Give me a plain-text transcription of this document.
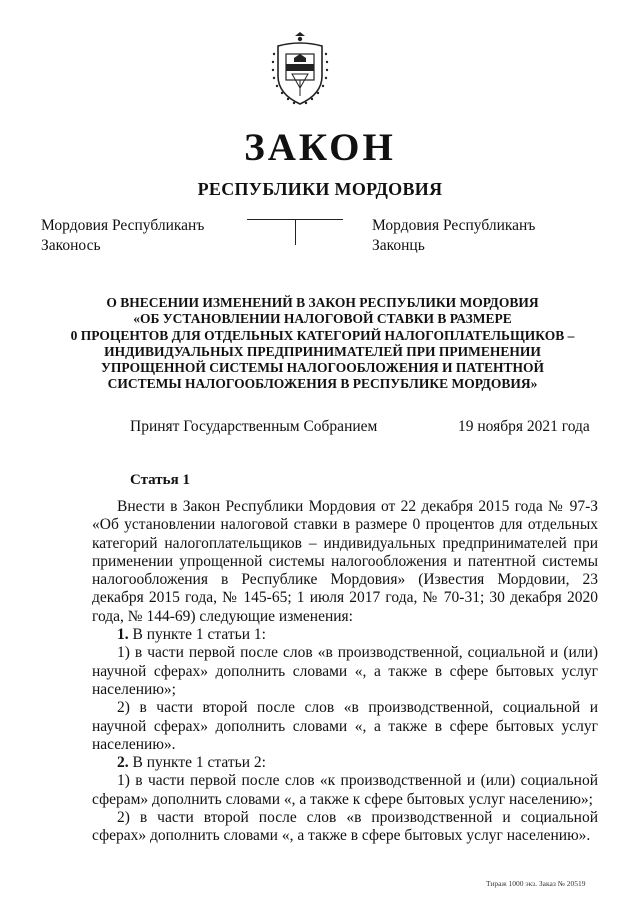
ЗАКОН
РЕСПУБЛИКИ МОРДОВИЯ
Мордовия Республиканъ
Законось
Мордовия Республиканъ
Законць
О ВНЕСЕНИИ ИЗМЕНЕНИЙ В ЗАКОН РЕСПУБЛИКИ МОРДОВИЯ
«ОБ УСТАНОВЛЕНИИ НАЛОГОВОЙ СТАВКИ В РАЗМЕРЕ
0 ПРОЦЕНТОВ ДЛЯ ОТДЕЛЬНЫХ КАТЕГОРИЙ НАЛОГОПЛАТЕЛЬЩИКОВ –
ИНДИВИДУАЛЬНЫХ ПРЕДПРИНИМАТЕЛЕЙ ПРИ ПРИМЕНЕНИИ
УПРОЩЕННОЙ СИСТЕМЫ НАЛОГООБЛОЖЕНИЯ И ПАТЕНТНОЙ
СИСТЕМЫ НАЛОГООБЛОЖЕНИЯ В РЕСПУБЛИКЕ МОРДОВИЯ»
Принят Государственным Собранием	19 ноября 2021 года
Статья 1

Внести в Закон Республики Мордовия от 22 декабря 2015 года № 97-З «Об установлении налоговой ставки в размере 0 процентов для отдельных категорий налогоплательщиков – индивидуальных предпринимателей при применении упрощенной системы налогообложения и патентной системы налогообложения в Республике Мордовия» (Известия Мордовии, 23 декабря 2015 года, № 145-65; 1 июля 2017 года, № 70-31; 30 декабря 2020 года, № 144-69) следующие изменения:

1. В пункте 1 статьи 1:

1) в части первой после слов «в производственной, социальной и (или) научной сферах» дополнить словами «, а также в сфере бытовых услуг населению»;

2) в части второй после слов «в производственной, социальной и научной сферах» дополнить словами «, а также в сфере бытовых услуг населению».

2. В пункте 1 статьи 2:

1) в части первой после слов «к производственной и (или) социальной сферам» дополнить словами «, а также к сфере бытовых услуг населению»;

2) в части второй после слов «в производственной и социальной сферах» дополнить словами «, а также в сфере бытовых услуг населению».

Тираж 1000 экз. Заказ № 20519
